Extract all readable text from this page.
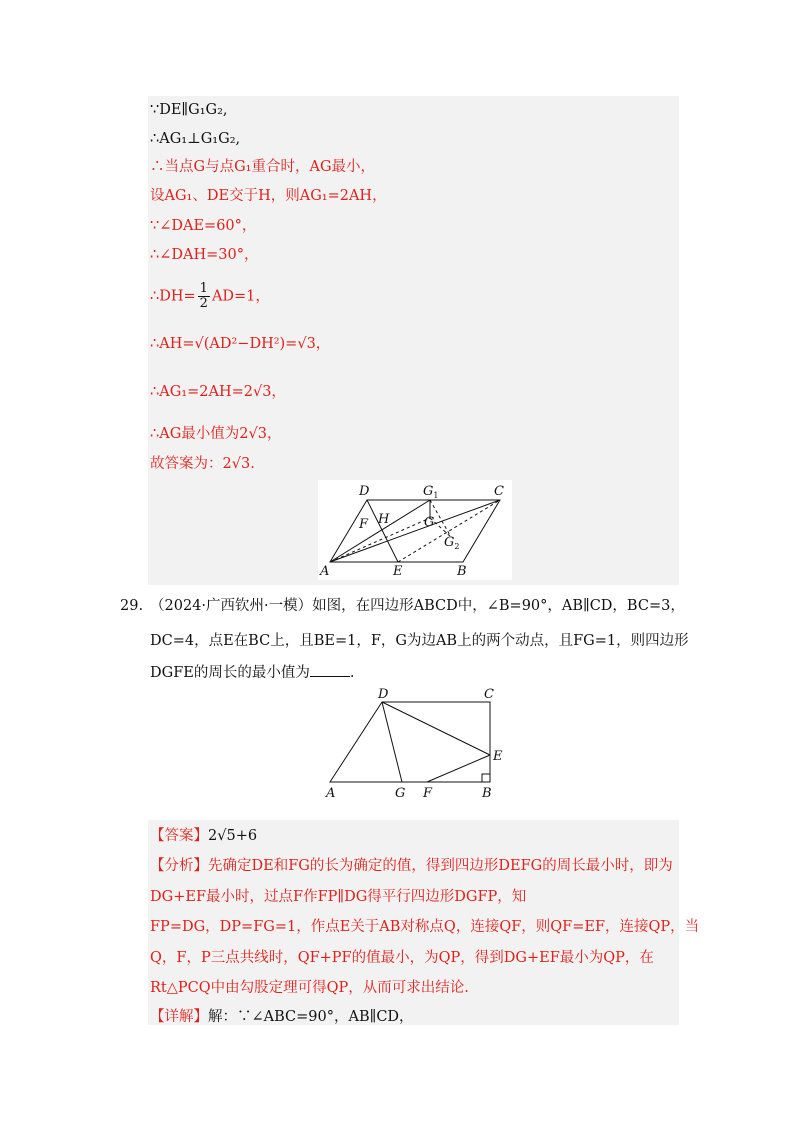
∵DE∥G₁G₂,
∴AG₁⊥G₁G₂,
∴当点G与点G₁重合时，AG最小，
设AG₁、DE交于H，则AG₁=2AH，
∵∠DAE=60°，
∴∠DAH=30°，
∴DH= $\frac{1}{2} AD=1$，
∴AH=√(AD²−DH²)=√3，
∴AG₁=2AH=2√3，
∴AG最小值为2√3，
故答案为：2√3.
D	$G_1$	C
F H	G
$G_2$
A	E	B
29. （2024·广西钦州·一模）如图，在四边形ABCD中，∠B=90°，AB∥CD，BC=3，
DC=4，点E在BC上，且BE=1，F，G为边AB上的两个动点，且FG=1，则四边形
DGFE的周长的最小值为	.
D	C
E
A	G F	B
【答案】2√5+6
【分析】先确定DE和FG的长为确定的值，得到四边形DEFG的周长最小时，即为
DG+EF最小时，过点F作FP∥DG得平行四边形DGFP，知
FP=DG，DP=FG=1，作点E关于AB对称点Q，连接QF，则QF=EF，连接QP，当
Q，F，P三点共线时，QF+PF的值最小，为QP，得到DG+EF最小为QP，在
Rt△PCQ中由勾股定理可得QP，从而可求出结论.
【详解】解：∵∠ABC=90°，AB∥CD，
